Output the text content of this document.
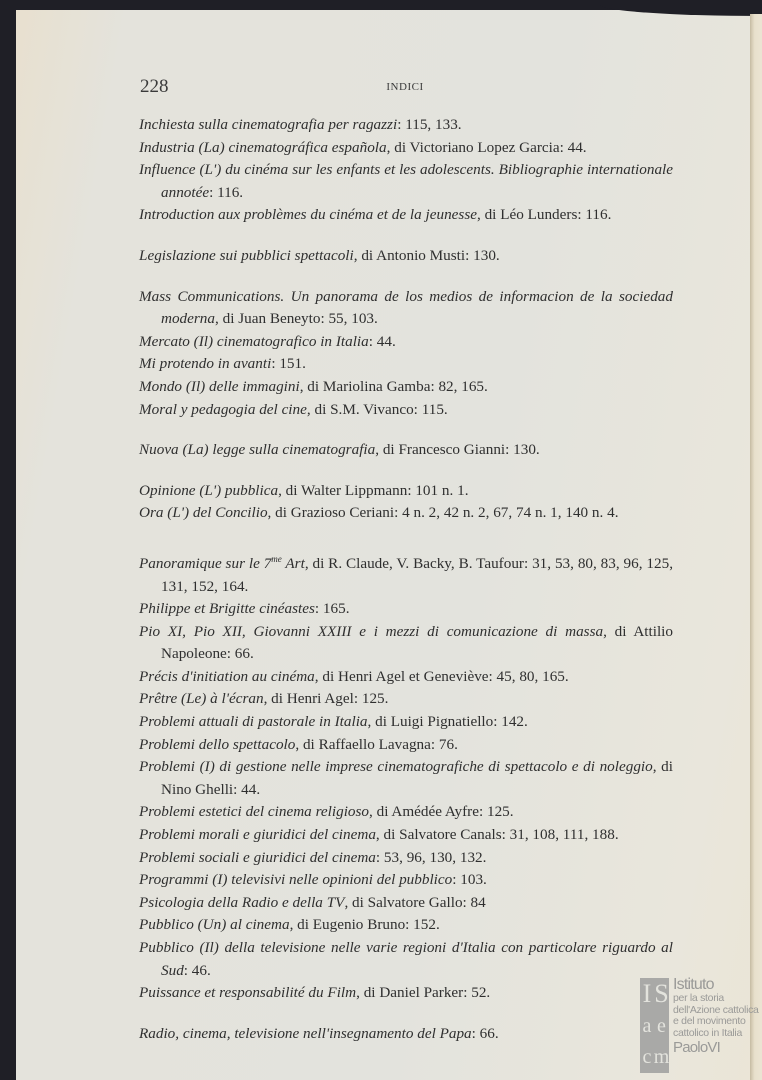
228	INDICI

Inchiesta sulla cinematografia per ragazzi: 115, 133.

Industria (La) cinematográfica española, di Victoriano Lopez Garcia: 44.

Influence (L') du cinéma sur les enfants et les adolescents. Bibliographie internationale annotée: 116.

Introduction aux problèmes du cinéma et de la jeunesse, di Léo Lunders: 116.

Legislazione sui pubblici spettacoli, di Antonio Musti: 130.

Mass Communications. Un panorama de los medios de informacion de la sociedad moderna, di Juan Beneyto: 55, 103.

Mercato (Il) cinematografico in Italia: 44.

Mi protendo in avanti: 151.

Mondo (Il) delle immagini, di Mariolina Gamba: 82, 165.

Moral y pedagogia del cine, di S.M. Vivanco: 115.

Nuova (La) legge sulla cinematografia, di Francesco Gianni: 130.

Opinione (L') pubblica, di Walter Lippmann: 101 n. 1.

Ora (L') del Concilio, di Grazioso Ceriani: 4 n. 2, 42 n. 2, 67, 74 n. 1, 140 n. 4.

Panoramique sur le $7^{me}$ Art, di R. Claude, V. Backy, B. Taufour: 31, 53, 80, 83, 96, 125, 131, 152, 164.

Philippe et Brigitte cinéastes: 165.

Pio XI, Pio XII, Giovanni XXIII e i mezzi di comunicazione di massa, di Attilio Napoleone: 66.

Précis d'initiation au cinéma, di Henri Agel et Geneviève: 45, 80, 165.

Prêtre (Le) à l'écran, di Henri Agel: 125.

Problemi attuali di pastorale in Italia, di Luigi Pignatiello: 142.

Problemi dello spettacolo, di Raffaello Lavagna: 76.

Problemi (I) di gestione nelle imprese cinematografiche di spettacolo e di noleggio, di Nino Ghelli: 44.

Problemi estetici del cinema religioso, di Amédée Ayfre: 125.

Problemi morali e giuridici del cinema, di Salvatore Canals: 31, 108, 111, 188.

Problemi sociali e giuridici del cinema: 53, 96, 130, 132.

Programmi (I) televisivi nelle opinioni del pubblico: 103.

Psicologia della Radio e della TV, di Salvatore Gallo: 84

Pubblico (Un) al cinema, di Eugenio Bruno: 152.

Pubblico (Il) della televisione nelle varie regioni d'Italia con particolare riguardo al Sud: 46.

Puissance et responsabilité du Film, di Daniel Parker: 52.

Radio, cinema, televisione nell'insegnamento del Papa: 66.

I S
a e
c m
Istituto
per la storia
dell'Azione cattolica
e del movimento
cattolico in Italia
PaoloVI
